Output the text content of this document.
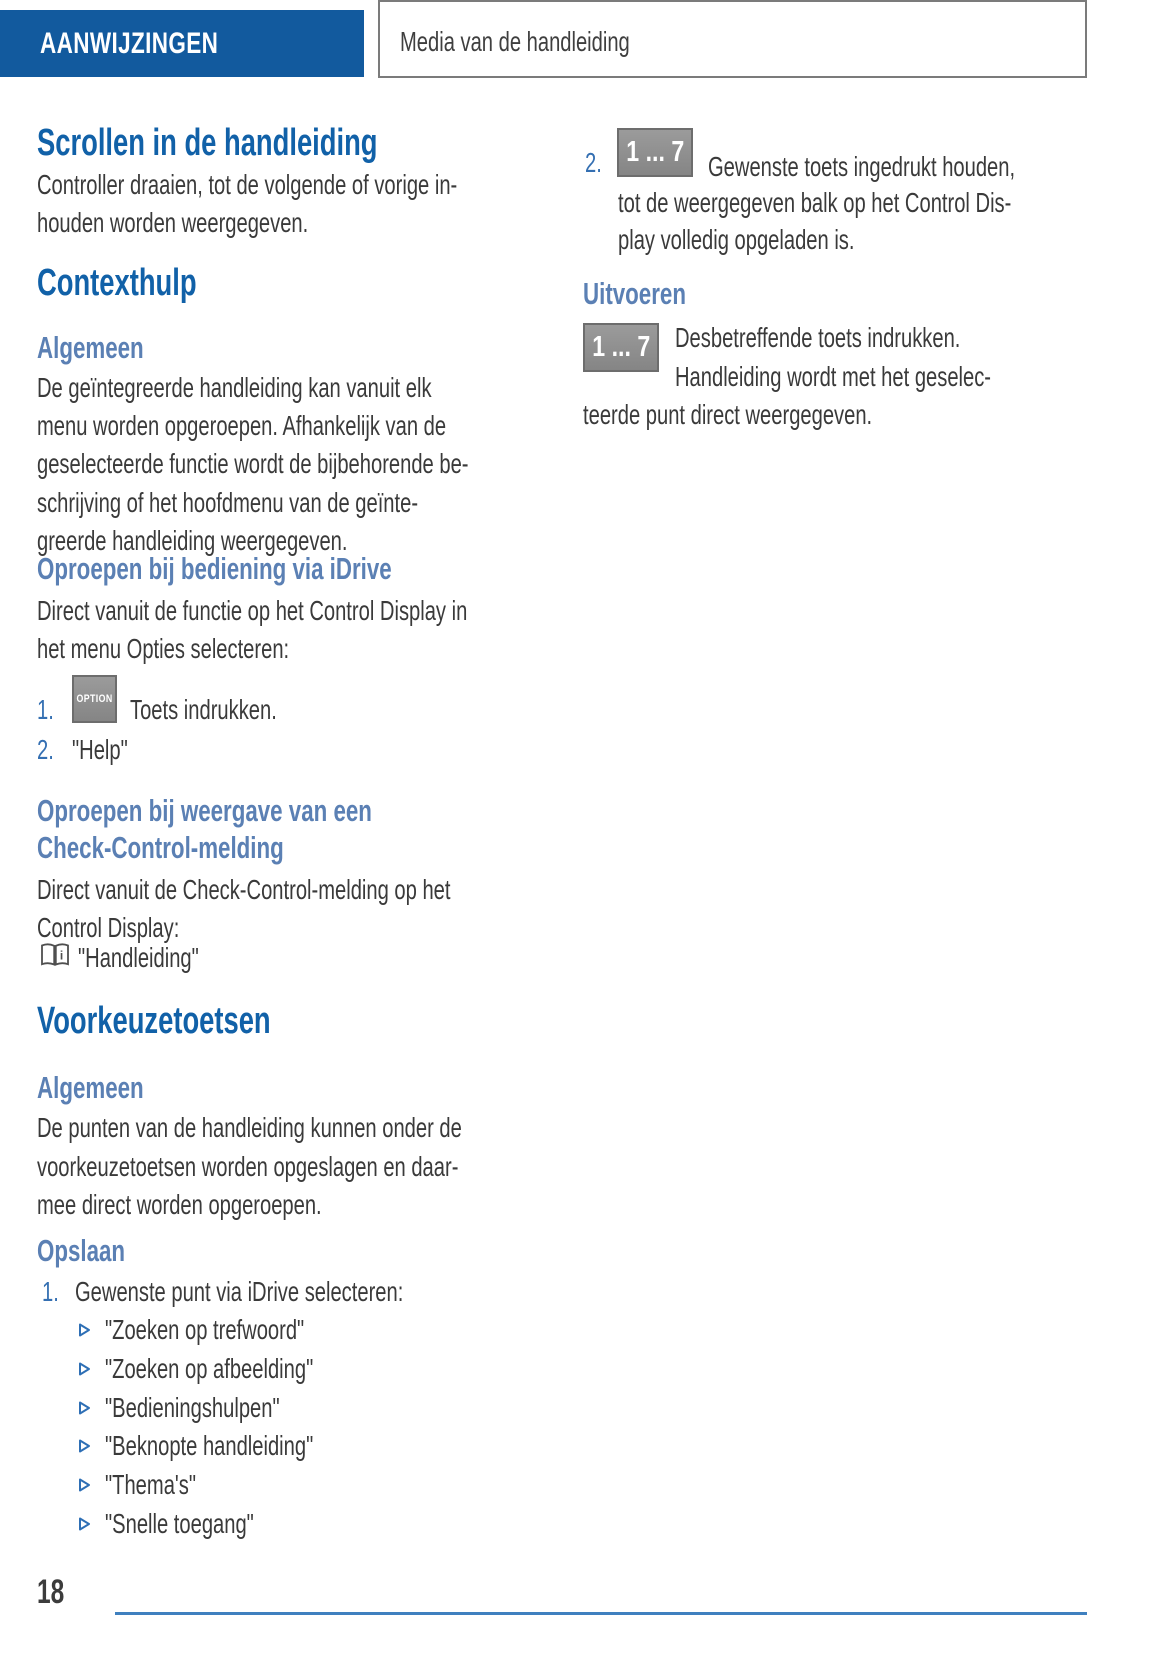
AANWIJZINGEN	Media van de handleiding
Scrollen in de handleiding
Controller draaien, tot de volgende of vorige in-
houden worden weergegeven.
Contexthulp
Algemeen
De geïntegreerde handleiding kan vanuit elk
menu worden opgeroepen. Afhankelijk van de
geselecteerde functie wordt de bijbehorende be-
schrijving of het hoofdmenu van de geïnte-
greerde handleiding weergegeven.
Oproepen bij bediening via iDrive
Direct vanuit de functie op het Control Display in
het menu Opties selecteren:
1.	OPTION Toets indrukken.
2. "Help"
Oproepen bij weergave van een
Check-Control-melding
Direct vanuit de Check-Control-melding op het
Control Display:
i "Handleiding"
Voorkeuzetoetsen
Algemeen
De punten van de handleiding kunnen onder de
voorkeuzetoetsen worden opgeslagen en daar-
mee direct worden opgeroepen.
Opslaan
1. Gewenste punt via iDrive selecteren:
"Zoeken op trefwoord"
"Zoeken op afbeelding"
"Bedieningshulpen"
"Beknopte handleiding"
"Thema's"
"Snelle toegang"
2. 1 ... 7 Gewenste toets ingedrukt houden,
tot de weergegeven balk op het Control Dis-
play volledig opgeladen is.
Uitvoeren
1 ... 7 Desbetreffende toets indrukken.
Handleiding wordt met het geselec-
teerde punt direct weergegeven.
18
